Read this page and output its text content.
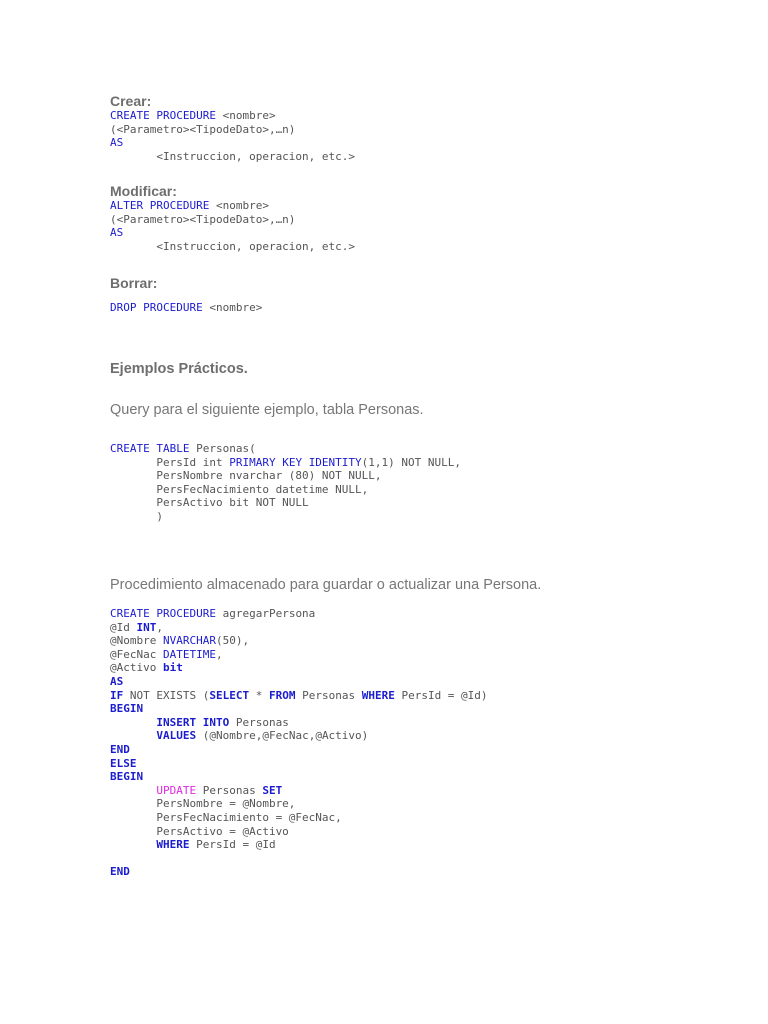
Crear:
CREATE PROCEDURE <nombre>
(<Parametro><TipodeDato>,…n)
AS
<Instruccion, operacion, etc.>
Modificar:
ALTER PROCEDURE <nombre>
(<Parametro><TipodeDato>,…n)
AS
<Instruccion, operacion, etc.>
Borrar:
DROP PROCEDURE <nombre>
Ejemplos Prácticos.

Query para el siguiente ejemplo, tabla Personas.

CREATE TABLE Personas(
PersId int PRIMARY KEY IDENTITY(1,1) NOT NULL,
PersNombre nvarchar (80) NOT NULL,
PersFecNacimiento datetime NULL,
PersActivo bit NOT NULL
)

Procedimiento almacenado para guardar o actualizar una Persona.

CREATE PROCEDURE agregarPersona
@Id INT,
@Nombre NVARCHAR(50),
@FecNac DATETIME,
@Activo bit
AS
IF NOT EXISTS (SELECT * FROM Personas WHERE PersId = @Id)
BEGIN
INSERT INTO Personas
VALUES (@Nombre,@FecNac,@Activo)
END
ELSE
BEGIN
UPDATE Personas SET
PersNombre = @Nombre,
PersFecNacimiento = @FecNac,
PersActivo = @Activo
WHERE PersId = @Id
END
